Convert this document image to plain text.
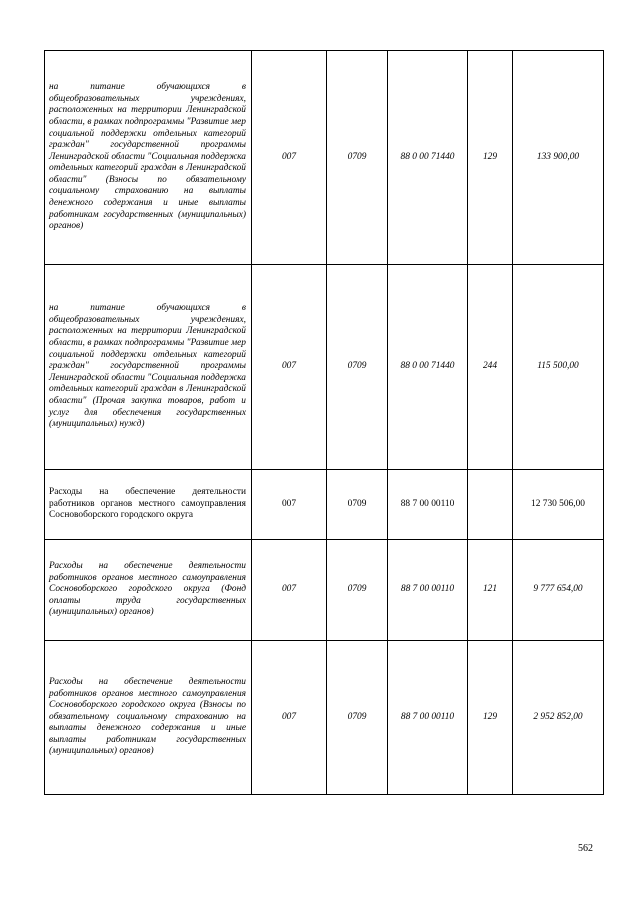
на питание обучающихся в общеобразовательных учреждениях, расположенных на территории Ленинградской области, в рамках подпрограммы "Развитие мер социальной поддержки отдельных категорий граждан" государственной программы Ленинградской области "Социальная поддержка отдельных категорий граждан в Ленинградской области" (Взносы по обязательному социальному страхованию на выплаты денежного содержания и иные выплаты работникам государственных (муниципальных) органов)	007	0709	88 0 00 71440	129	133 900,00
на питание обучающихся в общеобразовательных учреждениях, расположенных на территории Ленинградской области, в рамках подпрограммы "Развитие мер социальной поддержки отдельных категорий граждан" государственной программы Ленинградской области "Социальная поддержка отдельных категорий граждан в Ленинградской области" (Прочая закупка товаров, работ и услуг для обеспечения государственных (муниципальных) нужд)	007	0709	88 0 00 71440	244	115 500,00
Расходы на обеспечение деятельности работников органов местного самоуправления Сосновоборского городского округа	007	0709	88 7 00 00110		12 730 506,00
Расходы на обеспечение деятельности работников органов местного самоуправления Сосновоборского городского округа (Фонд оплаты труда государственных (муниципальных) органов)	007	0709	88 7 00 00110	121	9 777 654,00
Расходы на обеспечение деятельности работников органов местного самоуправления Сосновоборского городского округа (Взносы по обязательному социальному страхованию на выплаты денежного содержания и иные выплаты работникам государственных (муниципальных) органов)	007	0709	88 7 00 00110	129	2 952 852,00
562
